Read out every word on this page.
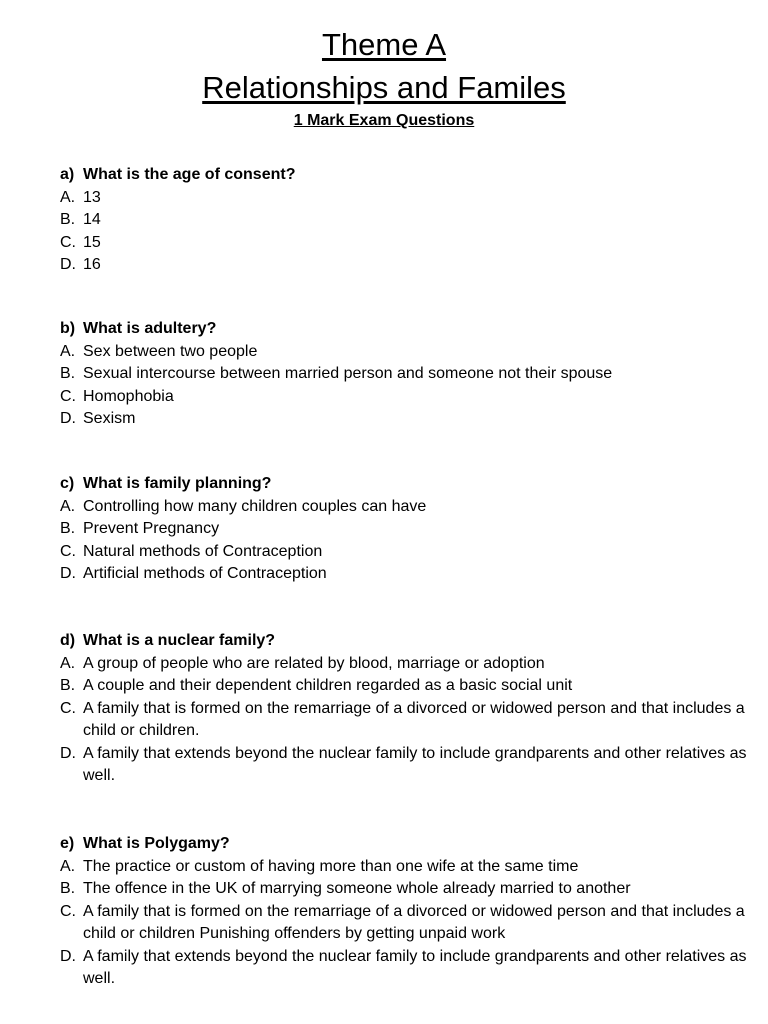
Theme A
Relationships and Familes
1 Mark Exam Questions
a) What is the age of consent?
A. 13
B. 14
C. 15
D. 16
b) What is adultery?
A. Sex between two people
B. Sexual intercourse between married person and someone not their spouse
C. Homophobia
D. Sexism
c) What is family planning?
A. Controlling how many children couples can have
B. Prevent Pregnancy
C. Natural methods of Contraception
D. Artificial methods of Contraception
d) What is a nuclear family?
A. A group of people who are related by blood, marriage or adoption
B. A couple and their dependent children regarded as a basic social unit
C. A family that is formed on the remarriage of a divorced or widowed person and that includes a child or children.
D. A family that extends beyond the nuclear family to include grandparents and other relatives as well.
e) What is Polygamy?
A. The practice or custom of having more than one wife at the same time
B. The offence in the UK of marrying someone whole already married to another
C. A family that is formed on the remarriage of a divorced or widowed person and that includes a child or children Punishing offenders by getting unpaid work
D. A family that extends beyond the nuclear family to include grandparents and other relatives as well.
